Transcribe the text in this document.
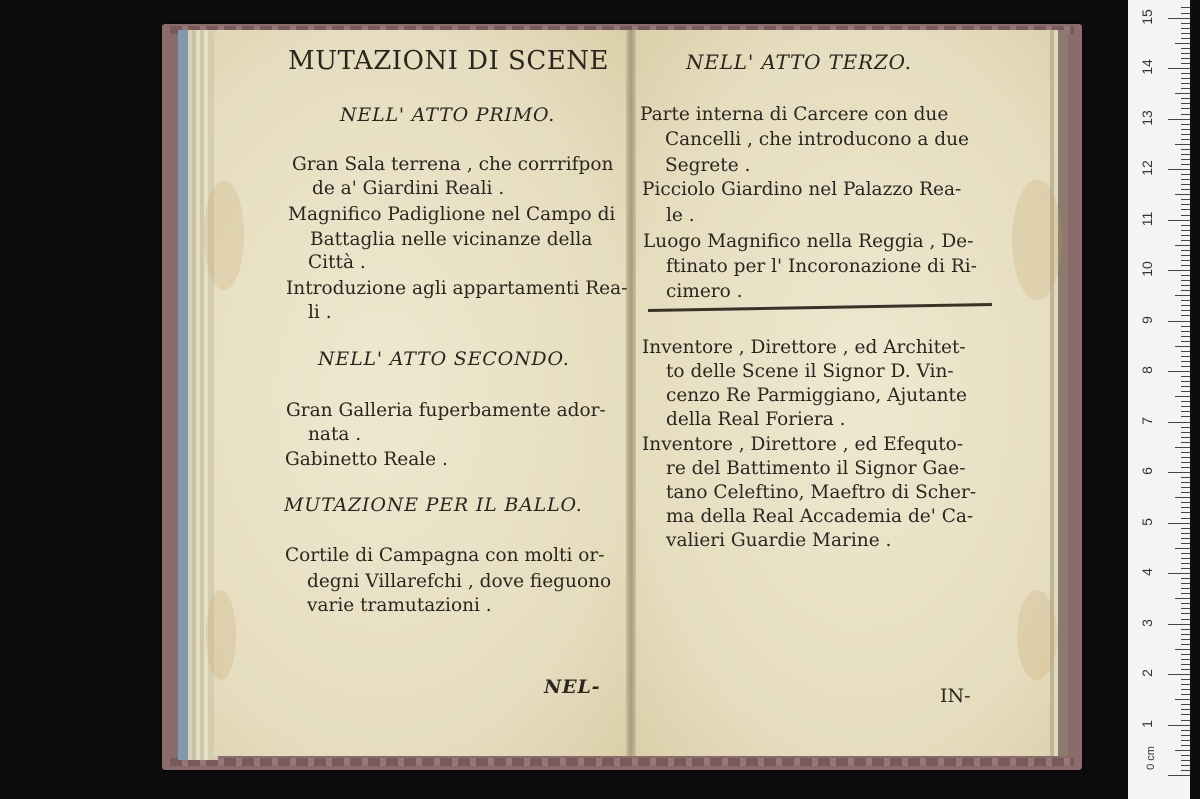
MUTAZIONI DI SCENE
NELL' ATTO PRIMO.
Gran Sala terrena , che corrrifpon
de a' Giardini Reali .
Magnifico Padiglione nel Campo di
Battaglia nelle vicinanze della
Città .
Introduzione agli appartamenti Rea-
li .
NELL' ATTO SECONDO.
Gran Galleria fuperbamente ador-
nata .
Gabinetto Reale .
MUTAZIONE PER IL BALLO.
Cortile di Campagna con molti or-
degni Villarefchi , dove fieguono
varie tramutazioni .
NEL-
NELL' ATTO TERZO.
Parte interna di Carcere con due
Cancelli , che introducono a due
Segrete .
Picciolo Giardino nel Palazzo Rea-
le .
Luogo Magnifico nella Reggia , De-
ftinato per l' Incoronazione di Ri-
cimero .
Inventore , Direttore , ed Architet-
to delle Scene il Signor D. Vin-
cenzo Re Parmiggiano, Ajutante
della Real Foriera .
Inventore , Direttore , ed Efequto-
re del Battimento il Signor Gae-
tano Celeftino, Maeftro di Scher-
ma della Real Accademia de' Ca-
valieri Guardie Marine .
IN-
0 cm
1
2
3
4
5
6
7
8
9
10
11
12
13
14
15
